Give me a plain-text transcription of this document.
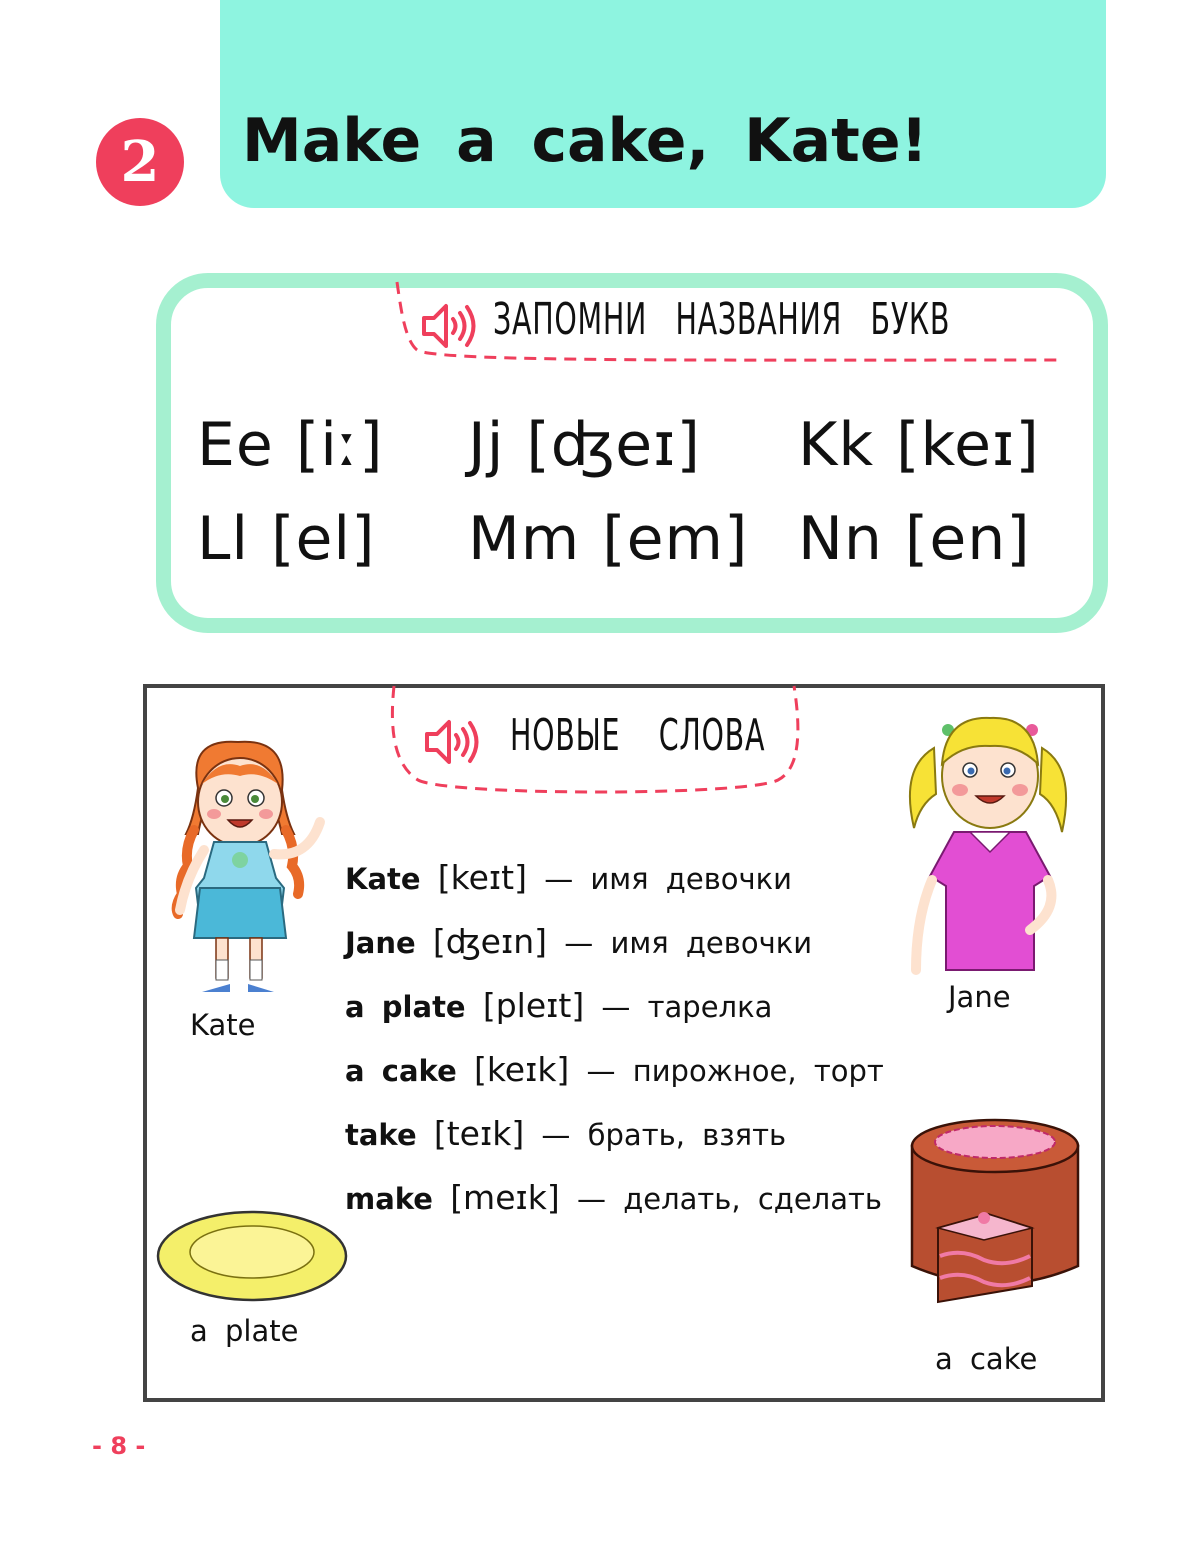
2	Make a cake, Kate!
ЗАПОМНИ НАЗВАНИЯ БУКВ
Ee [iː] Jj [ʤeɪ] Kk [keɪ]
Ll [el] Mm [em] Nn [en]
НОВЫЕ СЛОВА
Kate [keɪt] — имя девочки
Jane [ʤeɪn] — имя девочки
a plate [pleɪt] — тарелка
a cake [keɪk] — пирожное, торт
take [teɪk] — брать, взять
make [meɪk] — делать, сделать
Kate
Jane
a plate
a cake
- 8 -
